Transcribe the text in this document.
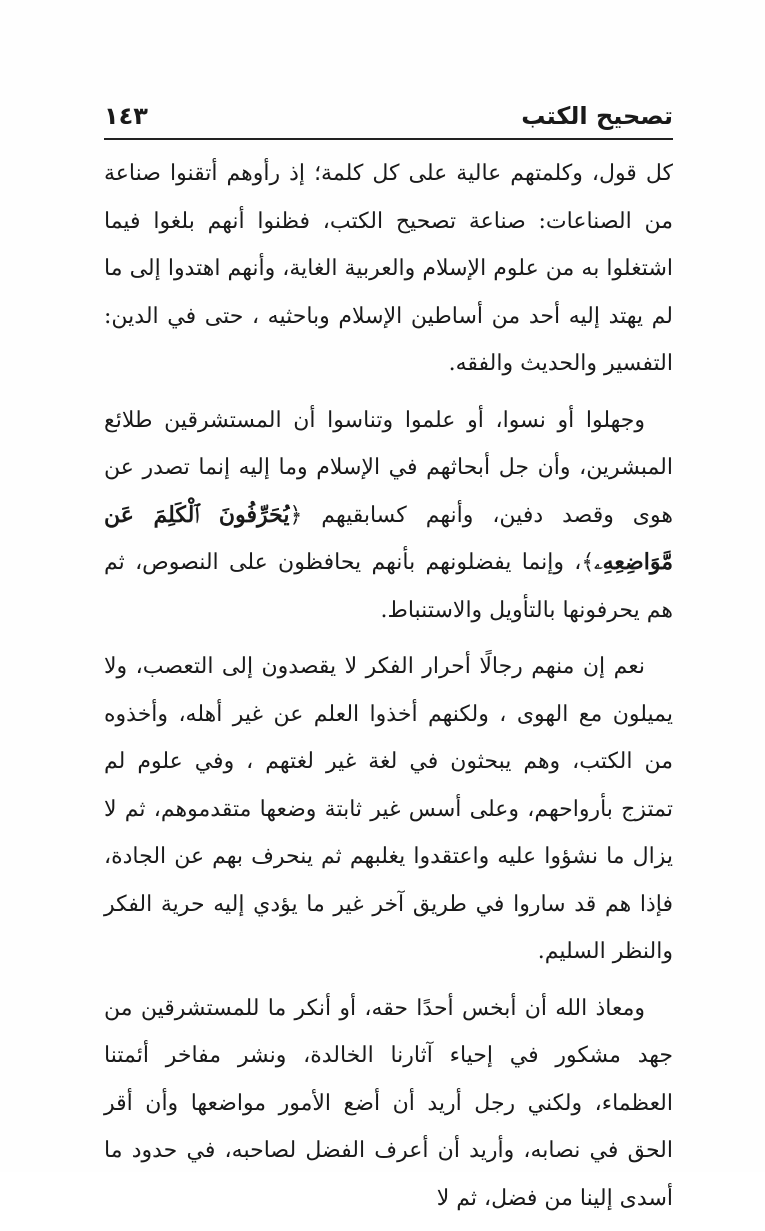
تصحيح الكتب
١٤٣

كل قول، وكلمتهم عالية على كل كلمة؛ إذ رأوهم أتقنوا صناعة من الصناعات: صناعة تصحيح الكتب، فظنوا أنهم بلغوا فيما اشتغلوا به من علوم الإسلام والعربية الغاية، وأنهم اهتدوا إلى ما لم يهتد إليه أحد من أساطين الإسلام وباحثيه ، حتى في الدين: التفسير والحديث والفقه.

وجهلوا أو نسوا، أو علموا وتناسوا أن المستشرقين طلائع المبشرين، وأن جل أبحاثهم في الإسلام وما إليه إنما تصدر عن هوى وقصد دفين، وأنهم كسابقيهم ﴿يُحَرِّفُونَ ٱلْكَلِمَ عَن مَّوَاضِعِهِۦ﴾، وإنما يفضلونهم بأنهم يحافظون على النصوص، ثم هم يحرفونها بالتأويل والاستنباط.

نعم إن منهم رجالًا أحرار الفكر لا يقصدون إلى التعصب، ولا يميلون مع الهوى ، ولكنهم أخذوا العلم عن غير أهله، وأخذوه من الكتب، وهم يبحثون في لغة غير لغتهم ، وفي علوم لم تمتزج بأرواحهم، وعلى أسس غير ثابتة وضعها متقدموهم، ثم لا يزال ما نشؤوا عليه واعتقدوا يغلبهم ثم ينحرف بهم عن الجادة، فإذا هم قد ساروا في طريق آخر غير ما يؤدي إليه حرية الفكر والنظر السليم.

ومعاذ الله أن أبخس أحدًا حقه، أو أنكر ما للمستشرقين من جهد مشكور في إحياء آثارنا الخالدة، ونشر مفاخر أئمتنا العظماء، ولكني رجل أريد أن أضع الأمور مواضعها وأن أقر الحق في نصابه، وأريد أن أعرف الفضل لصاحبه، في حدود ما أسدى إلينا من فضل، ثم لا
